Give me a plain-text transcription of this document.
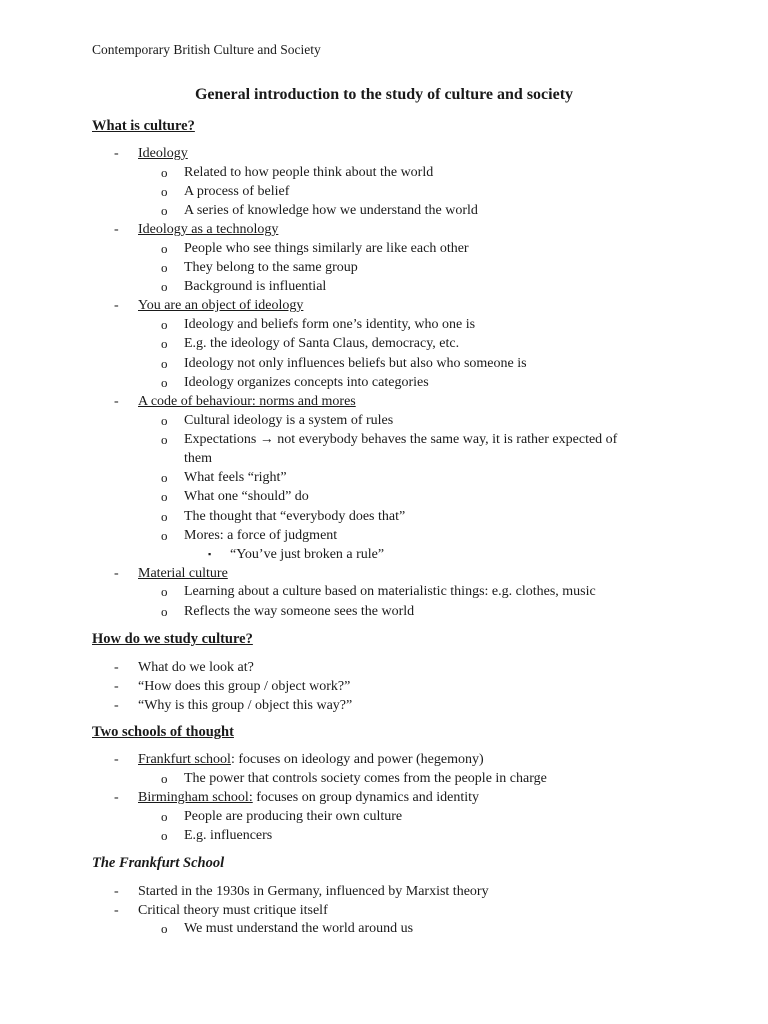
Contemporary British Culture and Society
General introduction to the study of culture and society
What is culture?
- Ideology
o Related to how people think about the world
o A process of belief
o A series of knowledge how we understand the world
- Ideology as a technology
o People who see things similarly are like each other
o They belong to the same group
o Background is influential
- You are an object of ideology
o Ideology and beliefs form one’s identity, who one is
o E.g. the ideology of Santa Claus, democracy, etc.
o Ideology not only influences beliefs but also who someone is
o Ideology organizes concepts into categories
- A code of behaviour: norms and mores
o Cultural ideology is a system of rules
o Expectations → not everybody behaves the same way, it is rather expected of
them
o What feels “right”
o What one “should” do
o The thought that “everybody does that”
o Mores: a force of judgment
▪ “You’ve just broken a rule”
- Material culture
o Learning about a culture based on materialistic things: e.g. clothes, music
o Reflects the way someone sees the world
How do we study culture?
- What do we look at?
- “How does this group / object work?”
- “Why is this group / object this way?”
Two schools of thought
- Frankfurt school: focuses on ideology and power (hegemony)
o The power that controls society comes from the people in charge
- Birmingham school: focuses on group dynamics and identity
o People are producing their own culture
o E.g. influencers
The Frankfurt School
- Started in the 1930s in Germany, influenced by Marxist theory
- Critical theory must critique itself
o We must understand the world around us
